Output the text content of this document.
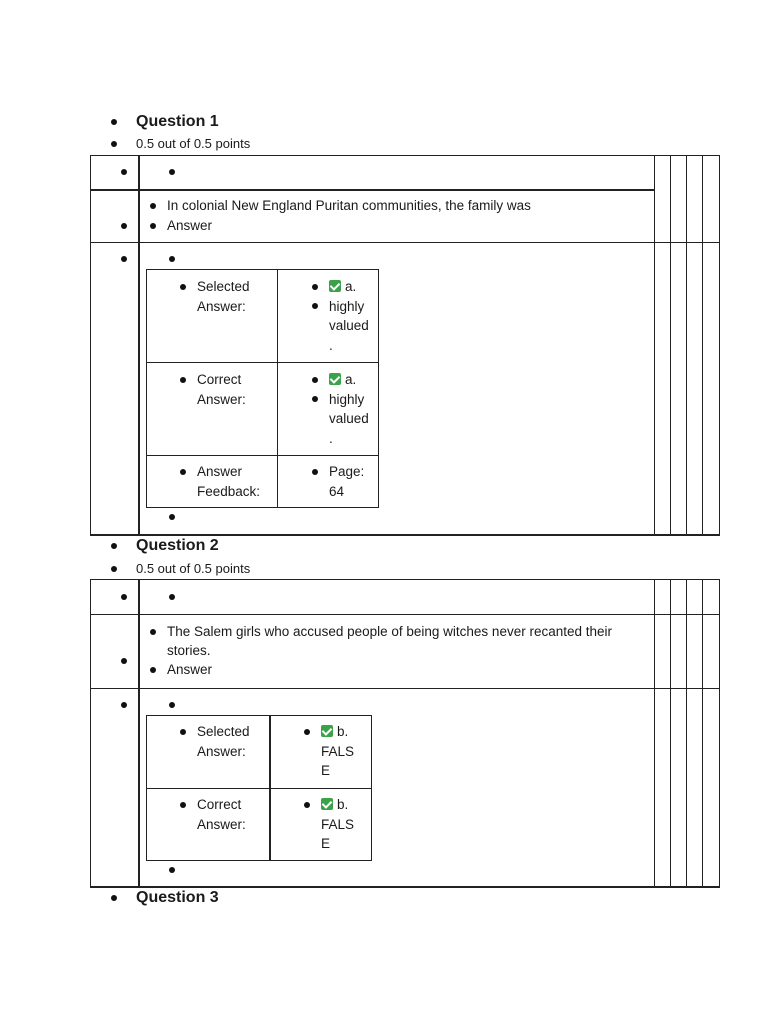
Question 1
0.5 out of 0.5 points
In colonial New England Puritan communities, the family was
Answer
Selected
Answer:
a.
highly
valued
.
Correct
Answer:
a.
highly
valued
.
Answer
Feedback:
Page:
64
Question 2
0.5 out of 0.5 points
The Salem girls who accused people of being witches never recanted their
stories.
Answer
Selected
Answer:
b.
FALS
E
Correct
Answer:
b.
FALS
E
Question 3
